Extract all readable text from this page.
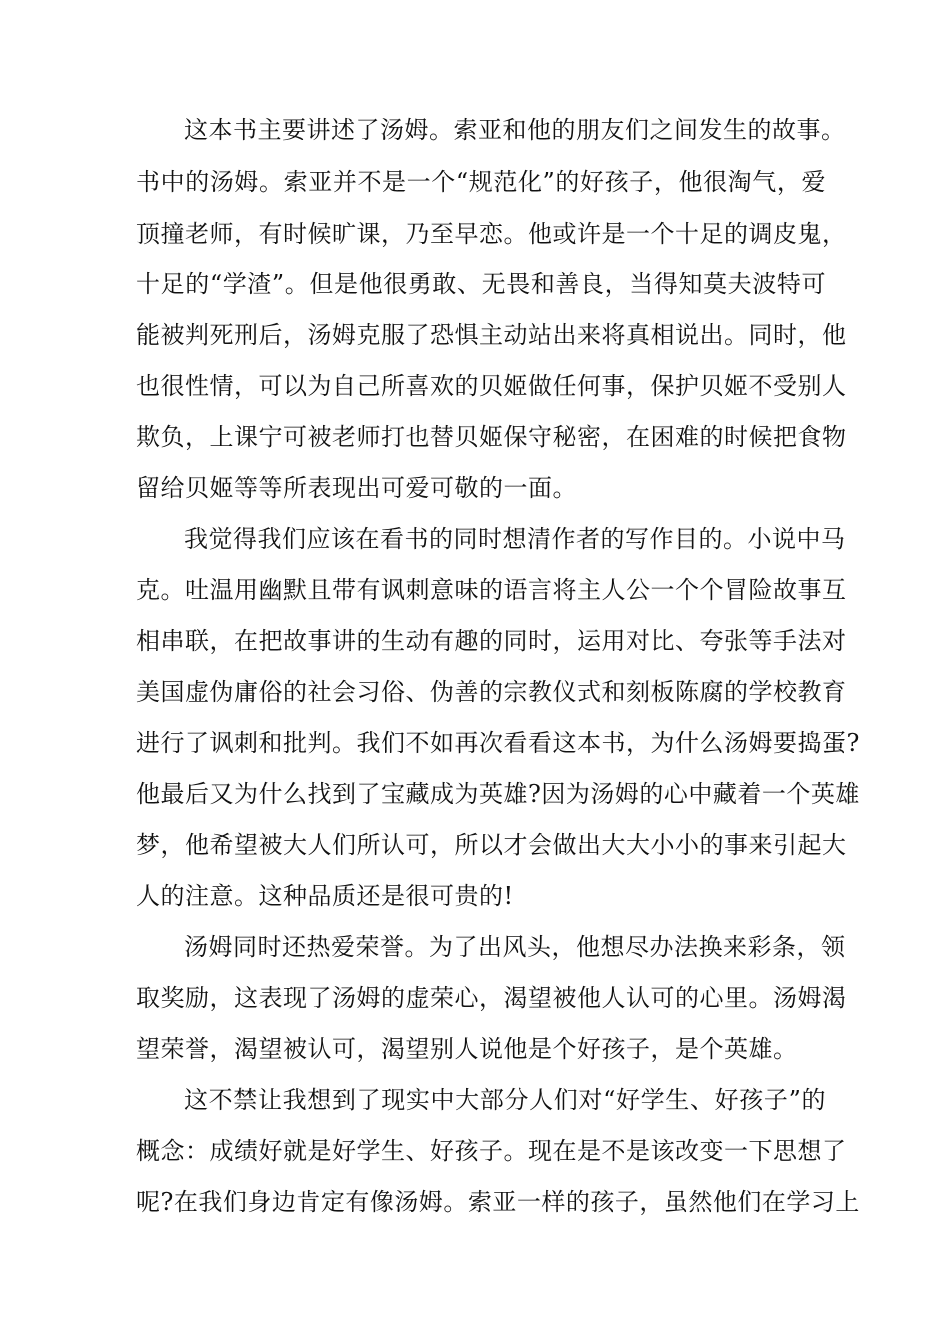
这本书主要讲述了汤姆。索亚和他的朋友们之间发生的故事。
书中的汤姆。索亚并不是一个“规范化”的好孩子，他很淘气，爱
顶撞老师，有时候旷课，乃至早恋。他或许是一个十足的调皮鬼，
十足的“学渣”。但是他很勇敢、无畏和善良，当得知莫夫波特可
能被判死刑后，汤姆克服了恐惧主动站出来将真相说出。同时，他
也很性情，可以为自己所喜欢的贝姬做任何事，保护贝姬不受别人
欺负，上课宁可被老师打也替贝姬保守秘密，在困难的时候把食物
留给贝姬等等所表现出可爱可敬的一面。
我觉得我们应该在看书的同时想清作者的写作目的。小说中马
克。吐温用幽默且带有讽刺意味的语言将主人公一个个冒险故事互
相串联，在把故事讲的生动有趣的同时，运用对比、夸张等手法对
美国虚伪庸俗的社会习俗、伪善的宗教仪式和刻板陈腐的学校教育
进行了讽刺和批判。我们不如再次看看这本书，为什么汤姆要捣蛋?
他最后又为什么找到了宝藏成为英雄?因为汤姆的心中藏着一个英雄
梦，他希望被大人们所认可，所以才会做出大大小小的事来引起大
人的注意。这种品质还是很可贵的!
汤姆同时还热爱荣誉。为了出风头，他想尽办法换来彩条，领
取奖励，这表现了汤姆的虚荣心，渴望被他人认可的心里。汤姆渴
望荣誉，渴望被认可，渴望别人说他是个好孩子，是个英雄。
这不禁让我想到了现实中大部分人们对“好学生、好孩子”的
概念：成绩好就是好学生、好孩子。现在是不是该改变一下思想了
呢?在我们身边肯定有像汤姆。索亚一样的孩子，虽然他们在学习上
